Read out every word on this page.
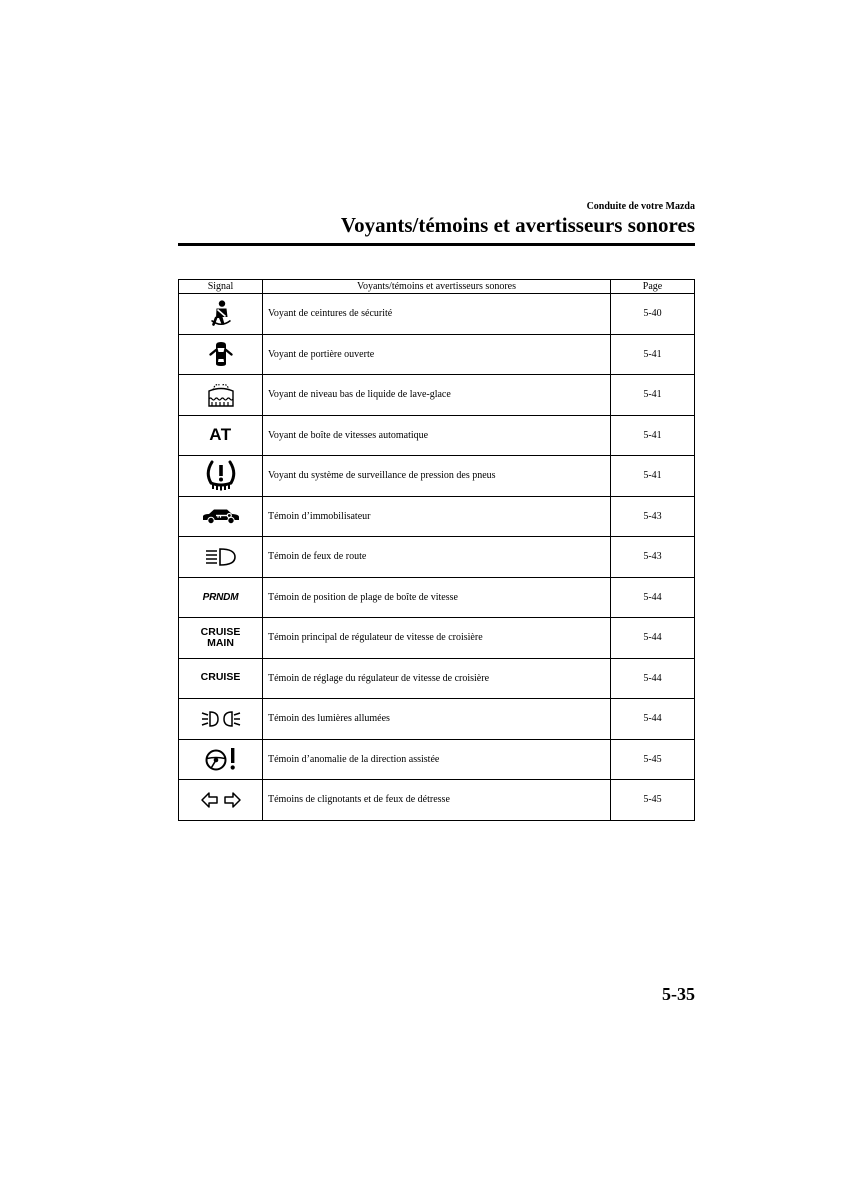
Conduite de votre Mazda
Voyants/témoins et avertisseurs sonores
Signal	Voyants/témoins et avertisseurs sonores	Page
Voyant de ceintures de sécurité	5-40
Voyant de portière ouverte	5-41
Voyant de niveau bas de liquide de lave-glace	5-41
AT	Voyant de boîte de vitesses automatique	5-41
Voyant du système de surveillance de pression des pneus	5-41
Témoin d’immobilisateur	5-43
Témoin de feux de route	5-43
PRNDM	Témoin de position de plage de boîte de vitesse	5-44
CRUISE
MAIN	Témoin principal de régulateur de vitesse de croisière	5-44
CRUISE	Témoin de réglage du régulateur de vitesse de croisière	5-44
Témoin des lumières allumées	5-44
Témoin d’anomalie de la direction assistée	5-45
Témoins de clignotants et de feux de détresse	5-45
5-35
